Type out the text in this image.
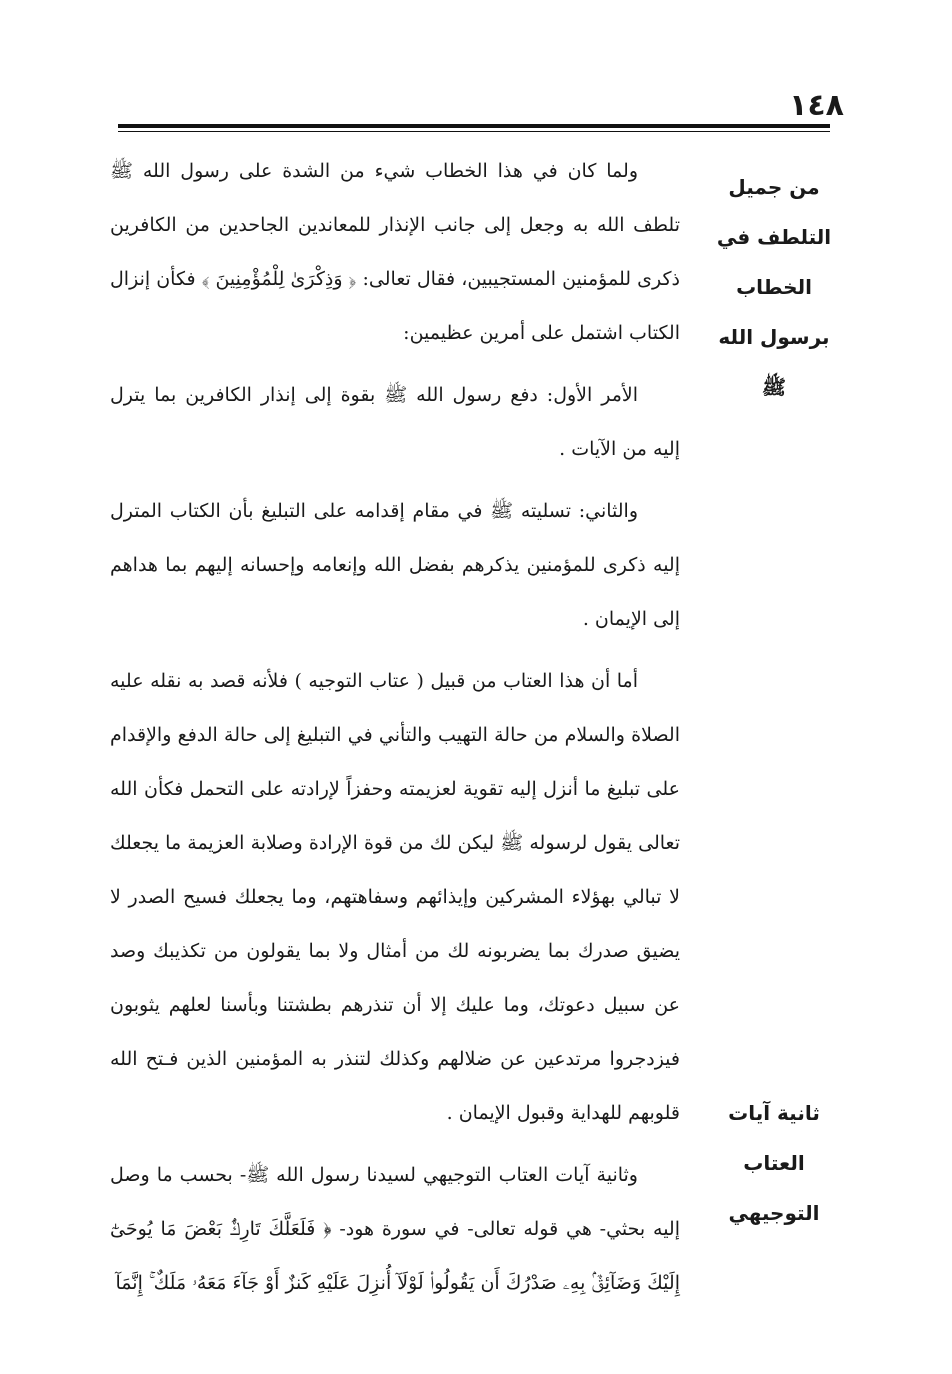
١٤٨
من جميل
التلطف في
الخطاب
برسول الله ﷺ
ثانية آيات
العتاب
التوجيهي

ولما كان في هذا الخطاب شيء من الشدة على رسول الله ﷺ تلطف الله به وجعل إلى جانب الإنذار للمعاندين الجاحدين من الكافرين ذكرى للمؤمنين المستجيبين، فقال تعالى: ﴿ وَذِكْرَىٰ لِلْمُؤْمِنِينَ ﴾ فكأن إنزال الكتاب اشتمل على أمرين عظيمين:

الأمر الأول: دفع رسول الله ﷺ بقوة إلى إنذار الكافرين بما يترل إليه من الآيات .

والثاني: تسليته ﷺ في مقام إقدامه على التبليغ بأن الكتاب المترل إليه ذكرى للمؤمنين يذكرهم بفضل الله وإنعامه وإحسانه إليهم بما هداهم إلى الإيمان .

أما أن هذا العتاب من قبيل ( عتاب التوجيه ) فلأنه قصد به نقله عليه الصلاة والسلام من حالة التهيب والتأني في التبليغ إلى حالة الدفع والإقدام على تبليغ ما أنزل إليه تقوية لعزيمته وحفزاً لإرادته على التحمل فكأن الله تعالى يقول لرسوله ﷺ ليكن لك من قوة الإرادة وصلابة العزيمة ما يجعلك لا تبالي بهؤلاء المشركين وإيذائهم وسفاهتهم، وما يجعلك فسيح الصدر لا يضيق صدرك بما يضربونه لك من أمثال ولا بما يقولون من تكذيبك وصد عن سبيل دعوتك، وما عليك إلا أن تنذرهم بطشتنا وبأسنا لعلهم يثوبون فيزدجروا مرتدعين عن ضلالهم وكذلك لتنذر به المؤمنين الذين فـتح الله قلوبهم للهداية وقبول الإيمان .

وثانية آيات العتاب التوجيهي لسيدنا رسول الله ﷺ- بحسب ما وصل إليه بحثي- هي قوله تعالى- في سورة هود- ﴿ فَلَعَلَّكَ تَارِكٌۢ بَعْضَ مَا يُوحَىٰٓ إِلَيْكَ وَضَآئِقٌۢ بِهِۦ صَدْرُكَ أَن يَقُولُوا۟ لَوْلَآ أُنزِلَ عَلَيْهِ كَنزٌ أَوْ جَآءَ مَعَهُۥ مَلَكٌ ۚ إِنَّمَآ
